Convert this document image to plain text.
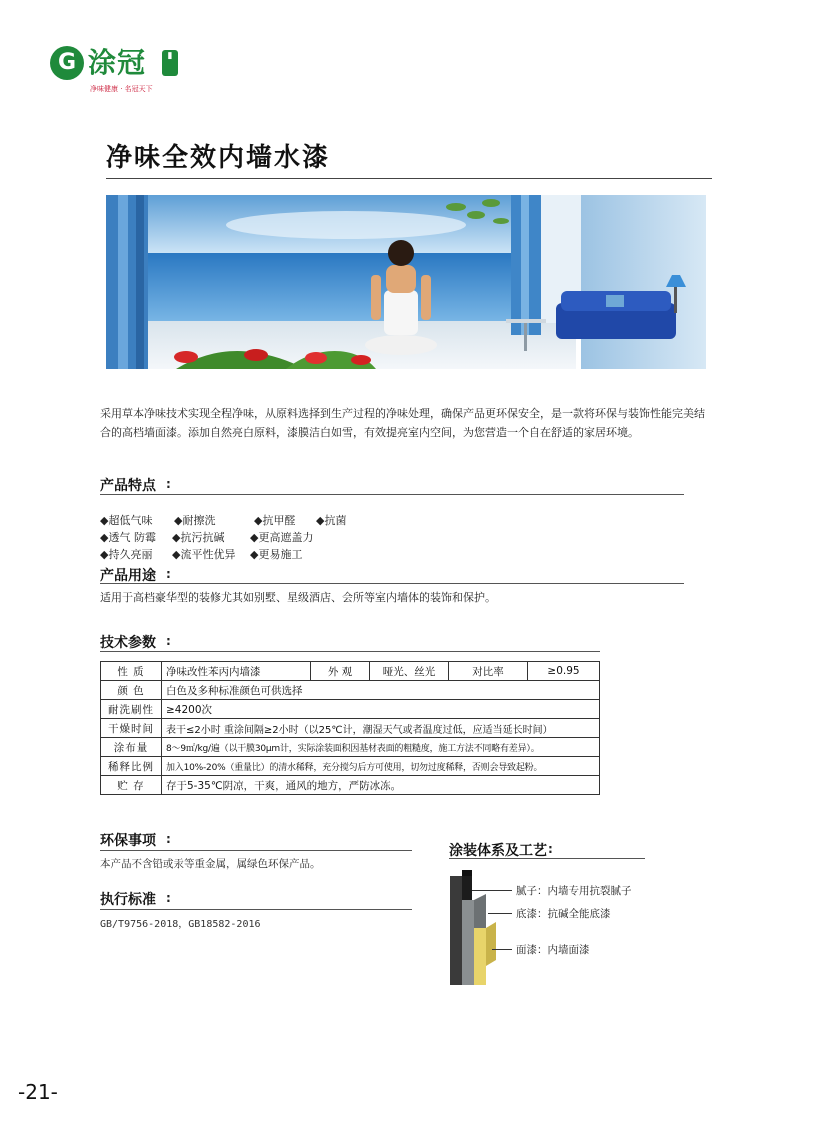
G 涂冠	▮
净味健康 · 名冠天下
净味全效内墙水漆
采用草本净味技术实现全程净味，从原料选择到生产过程的净味处理，确保产品更环保安全，是一款将环保与装饰性能完美结合的高档墙面漆。添加自然亮白原料，漆膜洁白如雪，有效提亮室内空间，为您营造一个自在舒适的家居环境。
产品特点 :
◆超低气味	◆耐擦洗	◆抗甲醛	◆抗菌
◆透气 防霉	◆抗污抗碱	◆更高遮盖力
◆持久亮丽	◆流平性优异	◆更易施工
产品用途 :
适用于高档豪华型的装修尤其如别墅、星级酒店、会所等室内墙体的装饰和保护。
技术参数 :
性 质	净味改性苯丙内墙漆	外 观	哑光、丝光	对比率	≥0.95
颜 色	白色及多种标准颜色可供选择				
耐洗刷性	≥4200次				
干燥时间	表干≤2小时 重涂间隔≥2小时（以25℃计，潮湿天气或者温度过低，应适当延长时间）				
涂布量	8～9㎡/kg/遍（以干膜30μm计，实际涂装面积因基材表面的粗糙度，施工方法不同略有差异）。				
稀释比例	加入10%-20%（重量比）的清水稀释，充分搅匀后方可使用，切勿过度稀释，否则会导致起粉。				
贮 存	存于5-35℃阴凉，干爽，通风的地方，严防冰冻。				
环保事项 :
本产品不含铅或汞等重金属，属绿色环保产品。
执行标准 :
GB/T9756-2018，GB18582-2016
涂装体系及工艺 :
腻子：内墙专用抗裂腻子
底漆：抗碱全能底漆
面漆：内墙面漆
-21-
